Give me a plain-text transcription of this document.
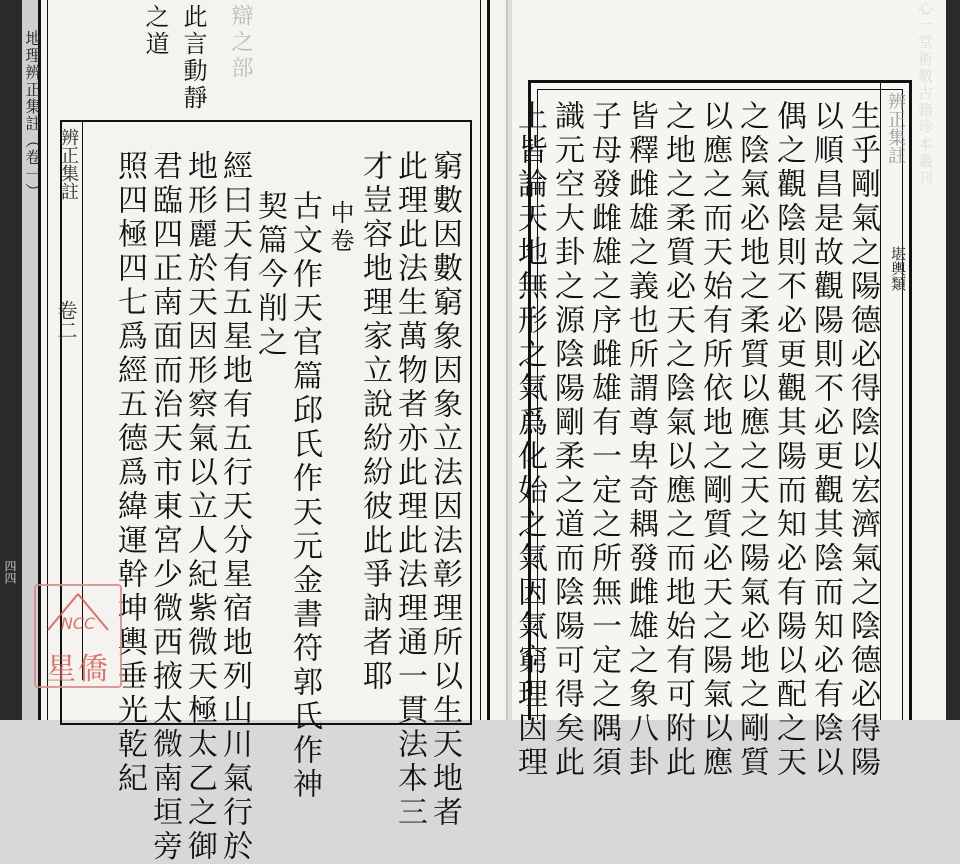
四四
地理辨正集註（卷一）	心一堂術數古籍珍本叢刊
此言動靜
之道	辯之部
辨正集註
卷二	窮數因數窮象因象立法因法彰理所以生天地者
此理此法生萬物者亦此理此法理通一貫法本三
才豈容地理家立說紛紛彼此爭訥者耶
中卷
古文作天官篇邱氏作天元金書符郭氏作神
契篇今削之
經曰天有五星地有五行天分星宿地列山川氣行於
地形麗於天因形察氣以立人紀紫微天極太乙之御
君臨四正南面而治天市東宮少微西掖太微南垣旁
照四極四七爲經五德爲緯運幹坤輿垂光乾紀
辨正集註
堪輿類
生乎剛氣之陽德必得陰以宏濟氣之陰德必得陽
以順昌是故觀陽則不必更觀其陰而知必有陰以
偶之觀陰則不必更觀其陽而知必有陽以配之天
之陰氣必地之柔質以應之天之陽氣必地之剛質
以應之而天始有所依地之剛質必天之陽氣以應
之地之柔質必天之陰氣以應之而地始有可附此
皆釋雌雄之義也所謂尊卑奇耦發雌雄之象八卦
子母發雌雄之序雌雄有一定之所無一定之隅須
識元空大卦之源陰陽剛柔之道而陰陽可得矣此
上皆論天地無形之氣爲化始之氣因氣窮理因理
NCC
星僑
